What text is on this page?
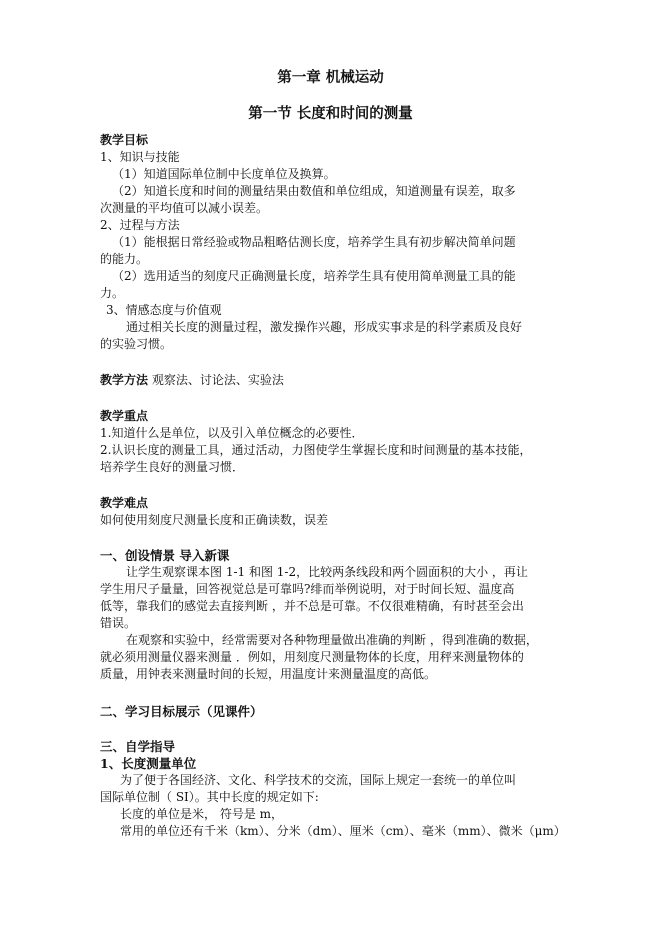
第一章 机械运动
第一节 长度和时间的测量
教学目标
1、知识与技能
（1）知道国际单位制中长度单位及换算。
（2）知道长度和时间的测量结果由数值和单位组成，知道测量有误差，取多
次测量的平均值可以减小误差。
2、过程与方法
（1）能根据日常经验或物品粗略估测长度，培养学生具有初步解决简单问题
的能力。
（2）选用适当的刻度尺正确测量长度，培养学生具有使用简单测量工具的能
力。
3、情感态度与价值观
通过相关长度的测量过程，激发操作兴趣，形成实事求是的科学素质及良好
的实验习惯。
教学方法 观察法、讨论法、实验法
教学重点
1.知道什么是单位，以及引入单位概念的必要性．
2.认识长度的测量工具，通过活动，力图使学生掌握长度和时间测量的基本技能，
培养学生良好的测量习惯．
教学难点
如何使用刻度尺测量长度和正确读数，误差
一、创设情景 导入新课
让学生观察课本图 1-1 和图 1-2，比较两条线段和两个圆面积的大小 ，再让
学生用尺子量量，回答视觉总是可靠吗?绯而举例说明，对于时间长短、温度高
低等，靠我们的感觉去直接判断 ，并不总是可靠。不仅很难精确，有时甚至会出
错误。
在观察和实验中，经常需要对各种物理量做出准确的判断 ，得到准确的数据，
就必须用测量仪器来测量 ．例如，用刻度尺测量物体的长度，用秤来测量物体的
质量，用钟表来测量时间的长短，用温度计来测量温度的高低。
二、学习目标展示（见课件）
三、自学指导
1、长度测量单位
为了便于各国经济、文化、科学技术的交流，国际上规定一套统一的单位叫
国际单位制（ SI）。其中长度的规定如下:
长度的单位是米， 符号是 m，
常用的单位还有千米（km）、分米（dm）、厘米（cm）、毫米（mm）、微米（μm）
